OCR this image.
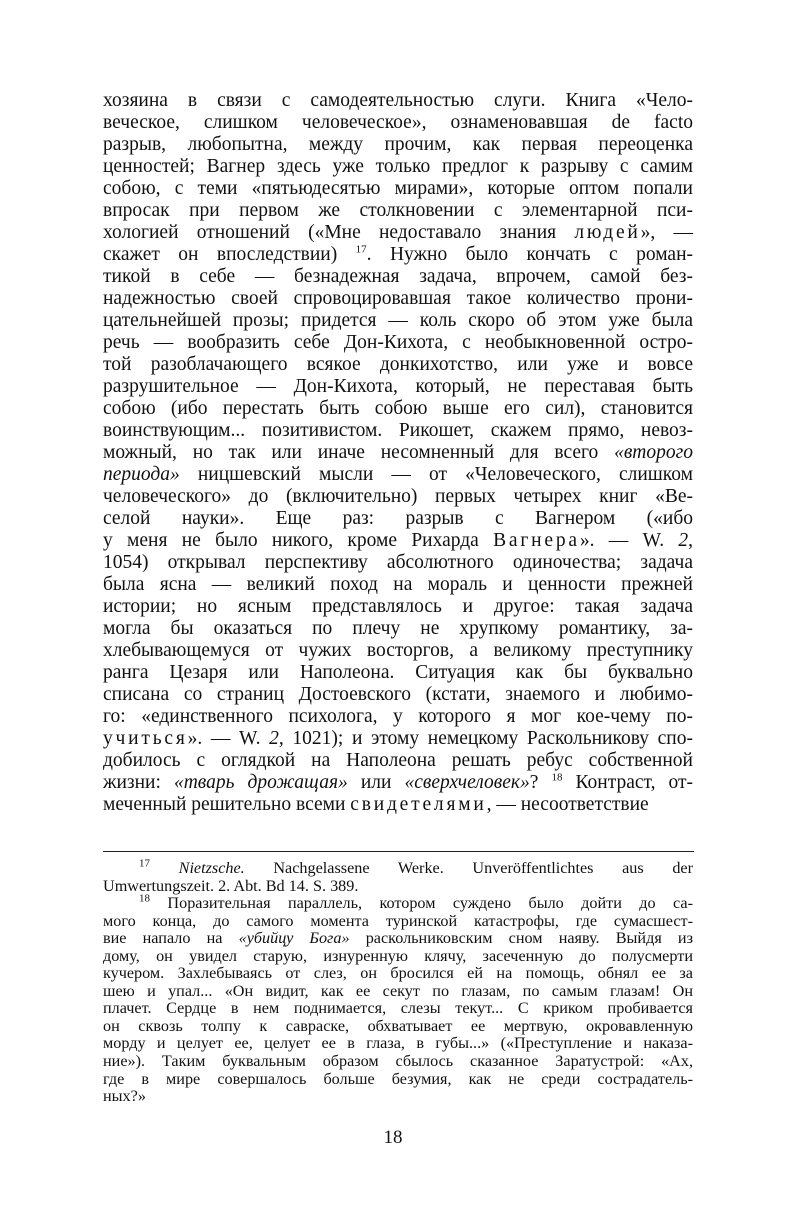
хозяина в связи с самодеятельностью слуги. Книга «Чело-
веческое, слишком человеческое», ознаменовавшая de facto
разрыв, любопытна, между прочим, как первая переоценка
ценностей; Вагнер здесь уже только предлог к разрыву с самим
собою, с теми «пятьюдесятью мирами», которые оптом попали
впросак при первом же столкновении с элементарной пси-
хологией отношений («Мне недоставало знания людей», —
скажет он впоследствии) $^{17}$. Нужно было кончать с роман-
тикой в себе — безнадежная задача, впрочем, самой без-
надежностью своей спровоцировавшая такое количество прони-
цательнейшей прозы; придется — коль скоро об этом уже была
речь — вообразить себе Дон-Кихота, с необыкновенной остро-
той разоблачающего всякое донкихотство, или уже и вовсе
разрушительное — Дон-Кихота, который, не переставая быть
собою (ибо перестать быть собою выше его сил), становится
воинствующим... позитивистом. Рикошет, скажем прямо, невоз-
можный, но так или иначе несомненный для всего «второго
периода» ницшевский мысли — от «Человеческого, слишком
человеческого» до (включительно) первых четырех книг «Ве-
селой науки». Еще раз: разрыв с Вагнером («ибо
у меня не было никого, кроме Рихарда Вагнера». — W. 2,
1054) открывал перспективу абсолютного одиночества; задача
была ясна — великий поход на мораль и ценности прежней
истории; но ясным представлялось и другое: такая задача
могла бы оказаться по плечу не хрупкому романтику, за-
хлебывающемуся от чужих восторгов, а великому преступнику
ранга Цезаря или Наполеона. Ситуация как бы буквально
списана со страниц Достоевского (кстати, знаемого и любимо-
го: «единственного психолога, у которого я мог кое-чему по-
учиться». — W. 2, 1021); и этому немецкому Раскольникову спо-
добилось с оглядкой на Наполеона решать ребус собственной
жизни: «тварь дрожащая» или «сверхчеловек»? $^{18}$ Контраст, от-
меченный решительно всеми свидетелями, — несоответствие
$^{17}$ Nietzsche. Nachgelassene Werke. Unveröffentlichtes aus der
Umwertungszeit. 2. Abt. Bd 14. S. 389.
$^{18}$ Поразительная параллель, котором суждено было дойти до са-
мого конца, до самого момента туринской катастрофы, где сумасшест-
вие напало на «убийцу Бога» раскольниковским сном наяву. Выйдя из
дому, он увидел старую, изнуренную клячу, засеченную до полусмерти
кучером. Захлебываясь от слез, он бросился ей на помощь, обнял ее за
шею и упал... «Он видит, как ее секут по глазам, по самым глазам! Он
плачет. Сердце в нем поднимается, слезы текут... С криком пробивается
он сквозь толпу к савраске, обхватывает ее мертвую, окровавленную
морду и целует ее, целует ее в глаза, в губы...» («Преступление и наказа-
ние»). Таким буквальным образом сбылось сказанное Заратустрой: «Ах,
где в мире совершалось больше безумия, как не среди сострадатель-
ных?»
18
